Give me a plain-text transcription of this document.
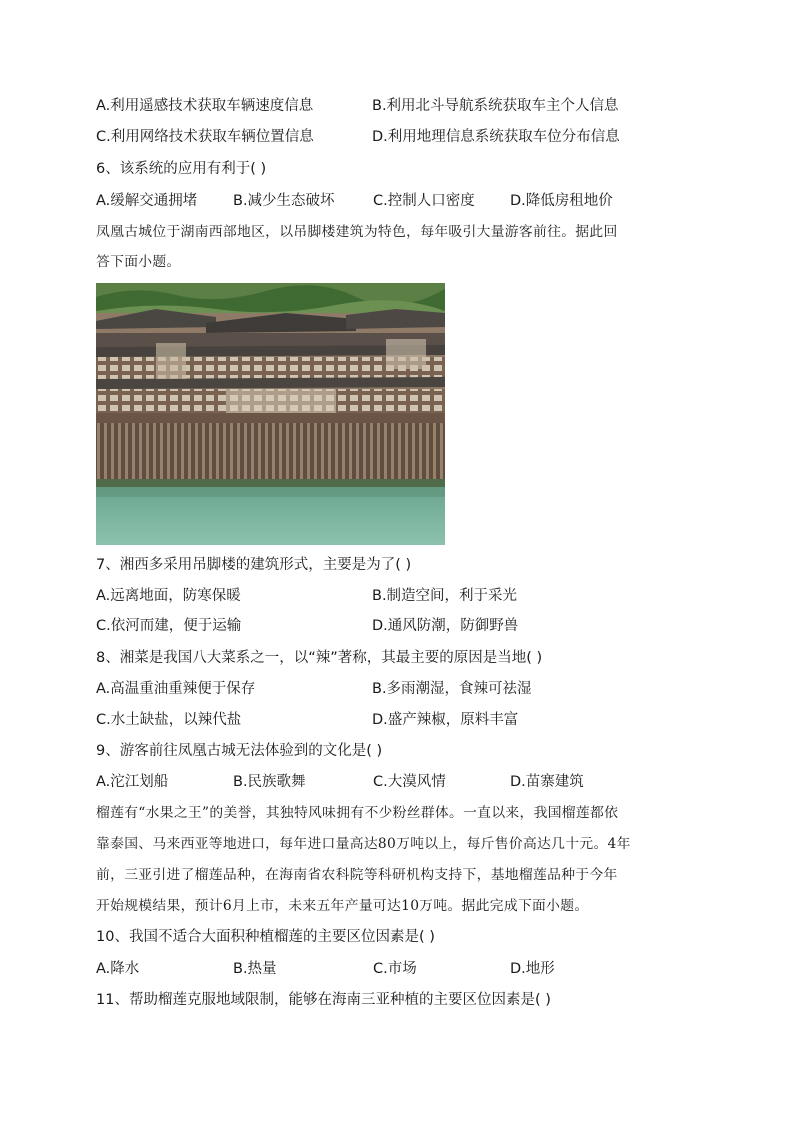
A.利用遥感技术获取车辆速度信息	B.利用北斗导航系统获取车主个人信息
C.利用网络技术获取车辆位置信息	D.利用地理信息系统获取车位分布信息
6、该系统的应用有利于( )
A.缓解交通拥堵 B.减少生态破坏	C.控制人口密度 D.降低房租地价
凤凰古城位于湖南西部地区，以吊脚楼建筑为特色，每年吸引大量游客前往。据此回
答下面小题。
7、湘西多采用吊脚楼的建筑形式，主要是为了( )
A.远离地面，防寒保暖	B.制造空间，利于采光
C.依河而建，便于运输	D.通风防潮，防御野兽
8、湘菜是我国八大菜系之一，以“辣”著称，其最主要的原因是当地( )
A.高温重油重辣便于保存	B.多雨潮湿，食辣可祛湿
C.水土缺盐，以辣代盐	D.盛产辣椒，原料丰富
9、游客前往凤凰古城无法体验到的文化是( )
A.沱江划船	B.民族歌舞	C.大漠风情	D.苗寨建筑
榴莲有“水果之王”的美誉，其独特风味拥有不少粉丝群体。一直以来，我国榴莲都依
靠泰国、马来西亚等地进口，每年进口量高达80万吨以上，每斤售价高达几十元。4年
前，三亚引进了榴莲品种，在海南省农科院等科研机构支持下，基地榴莲品种于今年
开始规模结果，预计6月上市，未来五年产量可达10万吨。据此完成下面小题。
10、我国不适合大面积种植榴莲的主要区位因素是( )
A.降水	B.热量	C.市场	D.地形
11、帮助榴莲克服地域限制，能够在海南三亚种植的主要区位因素是( )
